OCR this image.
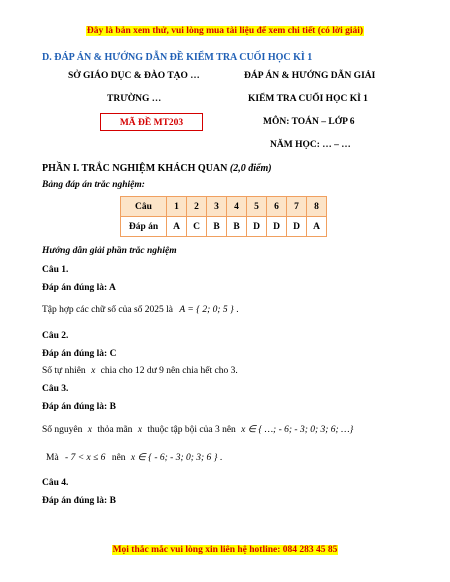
Đây là bản xem thử, vui lòng mua tài liệu để xem chi tiết (có lời giải)
D. ĐÁP ÁN & HƯỚNG DẪN ĐỀ KIỂM TRA CUỐI HỌC KÌ 1
SỞ GIÁO DỤC & ĐÀO TẠO …	ĐÁP ÁN & HƯỚNG DẪN GIẢI
TRƯỜNG …	KIỂM TRA CUỐI HỌC KÌ 1
MÃ ĐỀ MT203	MÔN: TOÁN – LỚP 6
NĂM HỌC: … – …
PHẦN I. TRẮC NGHIỆM KHÁCH QUAN (2,0 điểm)
Bảng đáp án trắc nghiệm:
Câu	1	2	3	4	5	6	7	8
Đáp án	A	C	B	B	D	D	D	A
Hướng dẫn giải phần trắc nghiệm
Câu 1.
Đáp án đúng là: A
Tập hợp các chữ số của số 2025 là A = { 2; 0; 5 } .
Câu 2.
Đáp án đúng là: C
Số tự nhiên x chia cho 12 dư 9 nên chia hết cho 3.
Câu 3.
Đáp án đúng là: B
Số nguyên x thỏa mãn x thuộc tập bội của 3 nên x ∈ { …; - 6; - 3; 0; 3; 6; …}
Mà - 7 < x ≤ 6 nên x ∈ { - 6; - 3; 0; 3; 6 } .
Câu 4.
Đáp án đúng là: B
Mọi thắc mắc vui lòng xin liên hệ hotline: 084 283 45 85
